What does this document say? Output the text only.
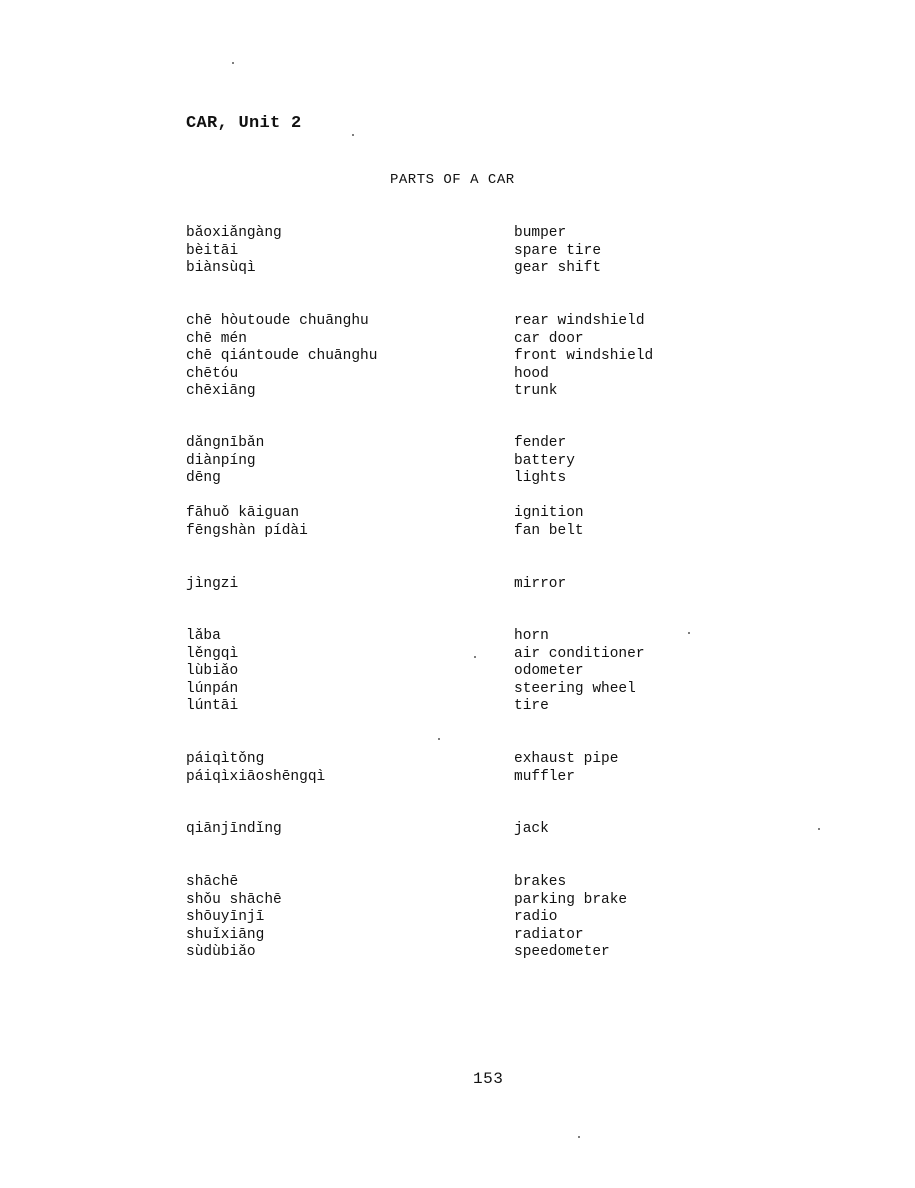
CAR, Unit 2
PARTS OF A CAR
bǎoxiǎngàng	bumper
bèitāi	spare tire
biànsùqì	gear shift
chē hòutoude chuānghu	rear windshield
chē mén	car door
chē qiántoude chuānghu	front windshield
chētóu	hood
chēxiāng	trunk
dǎngnībǎn	fender
diànpíng	battery
dēng	lights
fāhuǒ kāiguan	ignition
fēngshàn pídài	fan belt
jìngzi	mirror
lǎba	horn
lěngqì	air conditioner
lùbiǎo	odometer
lúnpán	steering wheel
lúntāi	tire
páiqìtǒng	exhaust pipe
páiqìxiāoshēngqì	muffler
qiānjīndǐng	jack
shāchē	brakes
shǒu shāchē	parking brake
shōuyīnjī	radio
shuǐxiāng	radiator
sùdùbiǎo	speedometer
153
